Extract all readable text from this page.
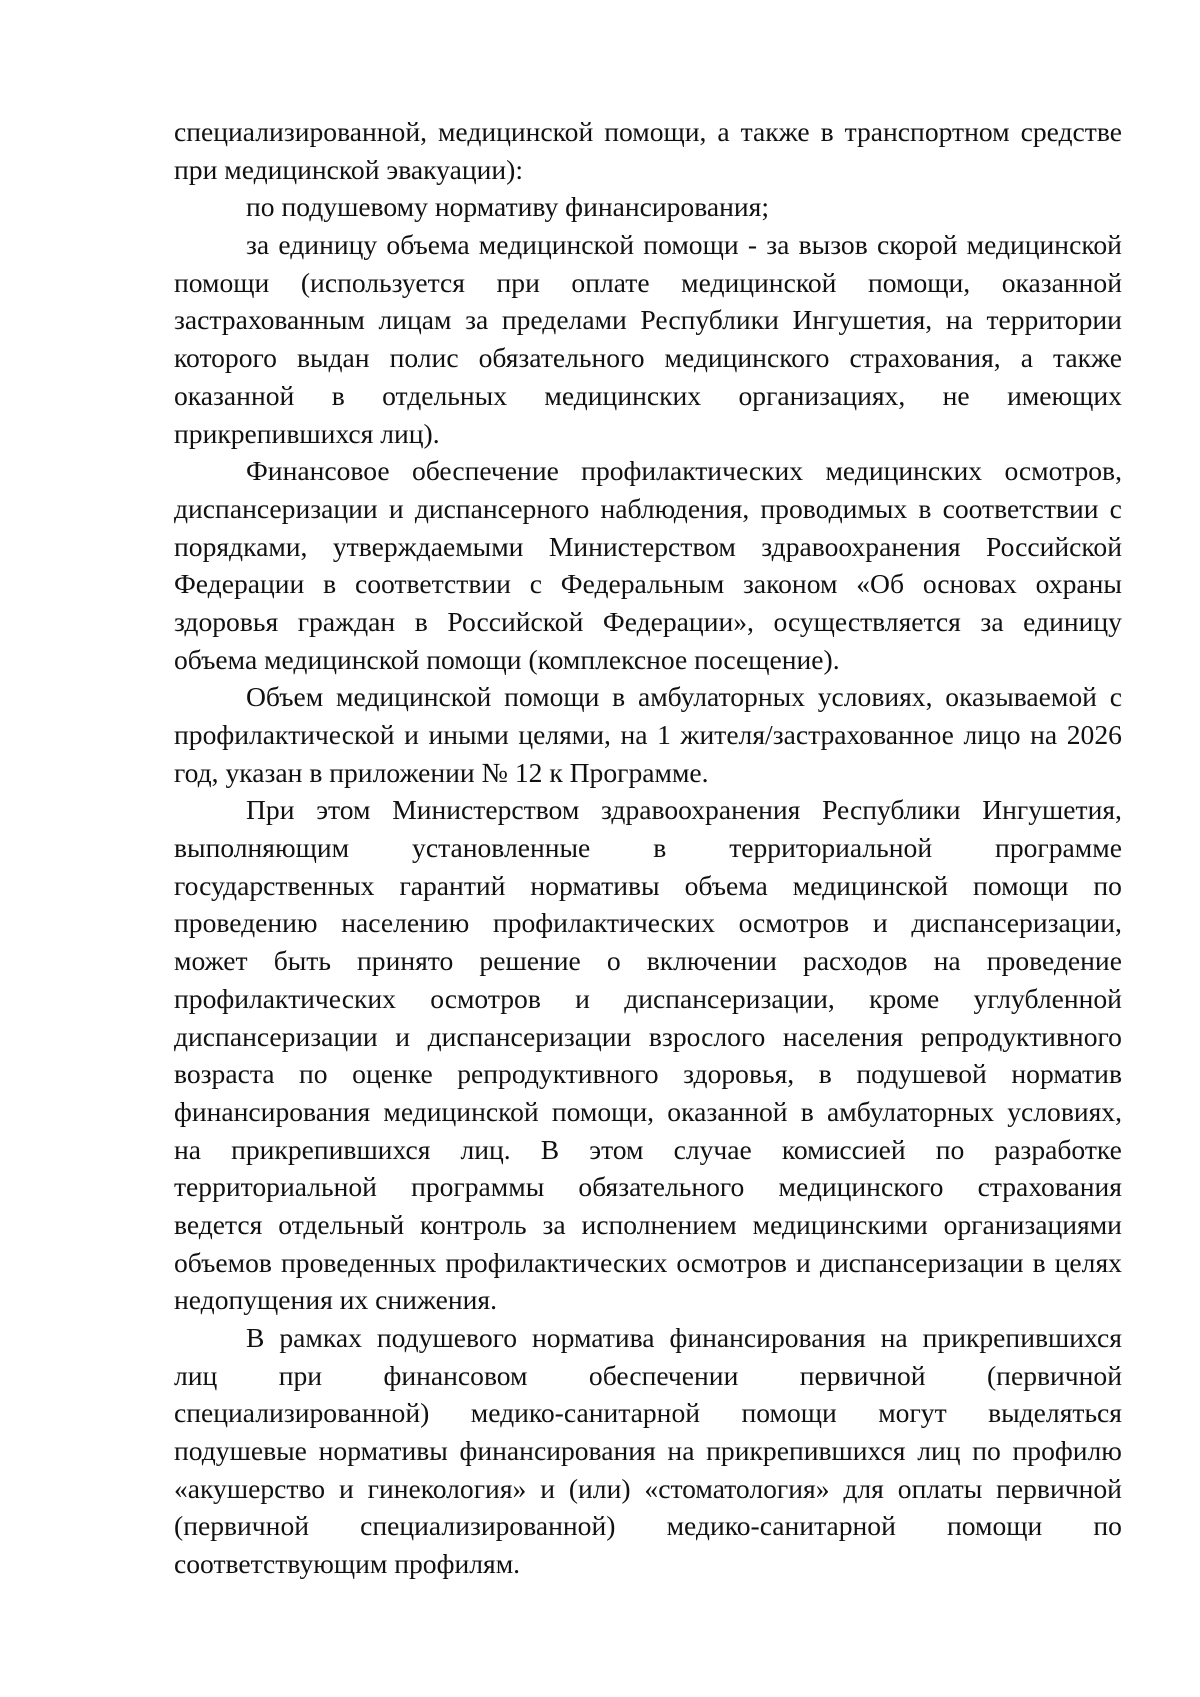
специализированной, медицинской помощи, а также в транспортном средстве
при медицинской эвакуации):
по подушевому нормативу финансирования;
за единицу объема медицинской помощи - за вызов скорой медицинской
помощи (используется при оплате медицинской помощи, оказанной
застрахованным лицам за пределами Республики Ингушетия, на территории
которого выдан полис обязательного медицинского страхования, а также
оказанной в отдельных медицинских организациях, не имеющих
прикрепившихся лиц).
Финансовое обеспечение профилактических медицинских осмотров,
диспансеризации и диспансерного наблюдения, проводимых в соответствии с
порядками, утверждаемыми Министерством здравоохранения Российской
Федерации в соответствии с Федеральным законом «Об основах охраны
здоровья граждан в Российской Федерации», осуществляется за единицу
объема медицинской помощи (комплексное посещение).
Объем медицинской помощи в амбулаторных условиях, оказываемой с
профилактической и иными целями, на 1 жителя/застрахованное лицо на 2026
год, указан в приложении № 12 к Программе.
При этом Министерством здравоохранения Республики Ингушетия,
выполняющим установленные в территориальной программе
государственных гарантий нормативы объема медицинской помощи по
проведению населению профилактических осмотров и диспансеризации,
может быть принято решение о включении расходов на проведение
профилактических осмотров и диспансеризации, кроме углубленной
диспансеризации и диспансеризации взрослого населения репродуктивного
возраста по оценке репродуктивного здоровья, в подушевой норматив
финансирования медицинской помощи, оказанной в амбулаторных условиях,
на прикрепившихся лиц. В этом случае комиссией по разработке
территориальной программы обязательного медицинского страхования
ведется отдельный контроль за исполнением медицинскими организациями
объемов проведенных профилактических осмотров и диспансеризации в целях
недопущения их снижения.
В рамках подушевого норматива финансирования на прикрепившихся
лиц при финансовом обеспечении первичной (первичной
специализированной) медико-санитарной помощи могут выделяться
подушевые нормативы финансирования на прикрепившихся лиц по профилю
«акушерство и гинекология» и (или) «стоматология» для оплаты первичной
(первичной специализированной) медико-санитарной помощи по
соответствующим профилям.
